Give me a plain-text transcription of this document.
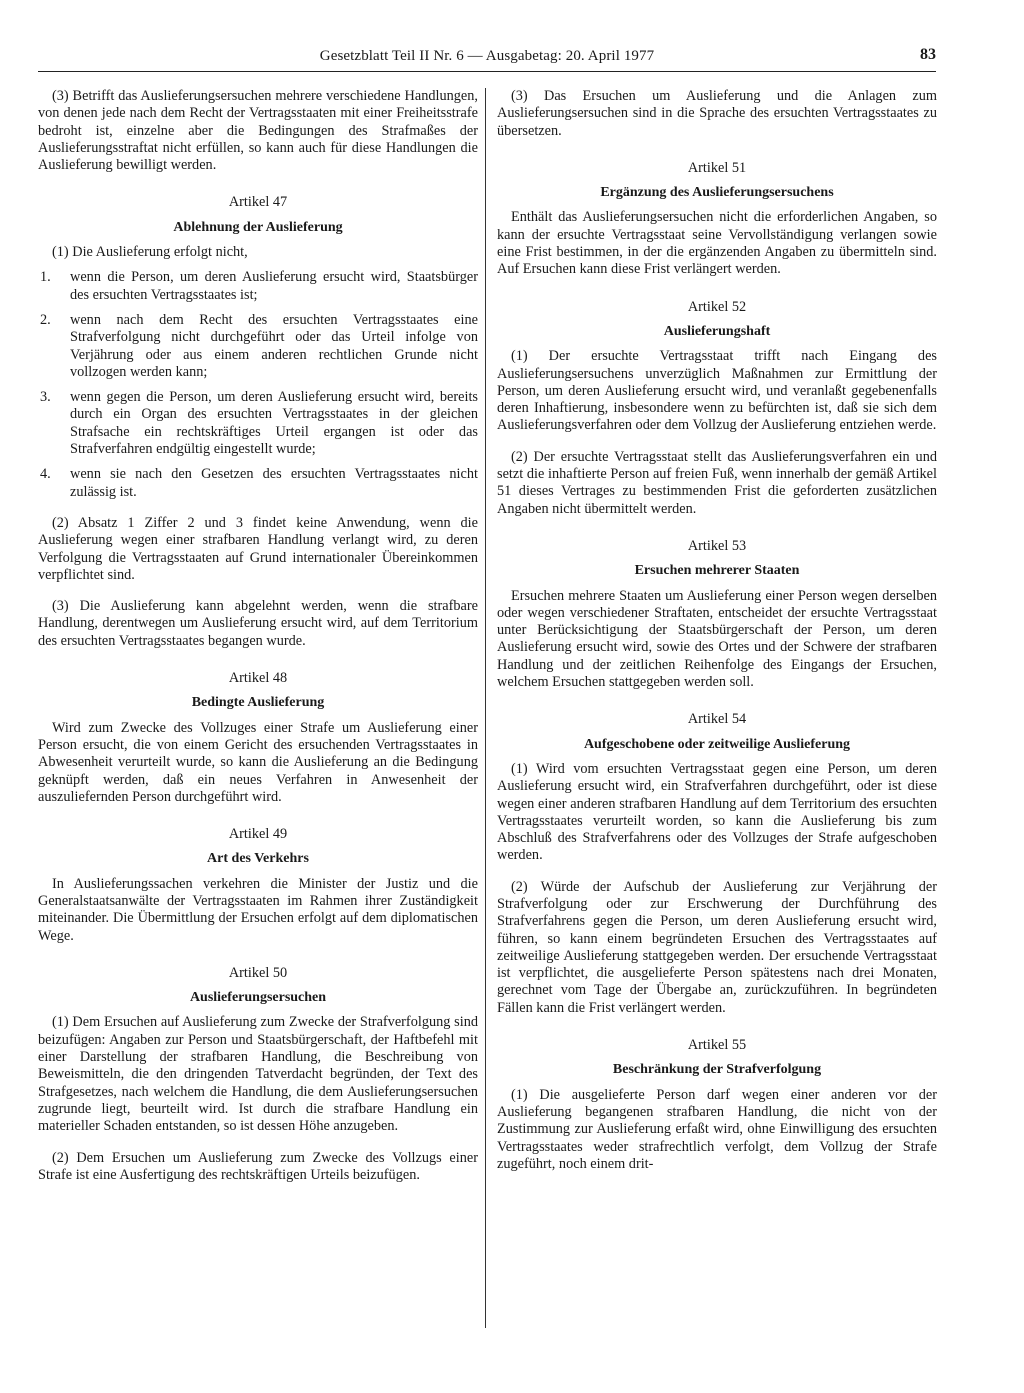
Gesetzblatt Teil II Nr. 6 — Ausgabetag: 20. April 1977	83

(3) Betrifft das Auslieferungsersuchen mehrere verschiedene Handlungen, von denen jede nach dem Recht der Vertragsstaaten mit einer Freiheitsstrafe bedroht ist, einzelne aber die Bedingungen des Strafmaßes der Auslieferungsstraftat nicht erfüllen, so kann auch für diese Handlungen die Auslieferung bewilligt werden.

Artikel 47
Ablehnung der Auslieferung

(1) Die Auslieferung erfolgt nicht,

1.	wenn die Person, um deren Auslieferung ersucht wird, Staatsbürger des ersuchten Vertragsstaates ist;
2.	wenn nach dem Recht des ersuchten Vertragsstaates eine Strafverfolgung nicht durchgeführt oder das Urteil infolge von Verjährung oder aus einem anderen rechtlichen Grunde nicht vollzogen werden kann;
3.	wenn gegen die Person, um deren Auslieferung ersucht wird, bereits durch ein Organ des ersuchten Vertragsstaates in der gleichen Strafsache ein rechtskräftiges Urteil ergangen ist oder das Strafverfahren endgültig eingestellt wurde;
4.	wenn sie nach den Gesetzen des ersuchten Vertragsstaates nicht zulässig ist.

(2) Absatz 1 Ziffer 2 und 3 findet keine Anwendung, wenn die Auslieferung wegen einer strafbaren Handlung verlangt wird, zu deren Verfolgung die Vertragsstaaten auf Grund internationaler Übereinkommen verpflichtet sind.

(3) Die Auslieferung kann abgelehnt werden, wenn die strafbare Handlung, derentwegen um Auslieferung ersucht wird, auf dem Territorium des ersuchten Vertragsstaates begangen wurde.

Artikel 48
Bedingte Auslieferung

Wird zum Zwecke des Vollzuges einer Strafe um Auslieferung einer Person ersucht, die von einem Gericht des ersuchenden Vertragsstaates in Abwesenheit verurteilt wurde, so kann die Auslieferung an die Bedingung geknüpft werden, daß ein neues Verfahren in Anwesenheit der auszuliefernden Person durchgeführt wird.

Artikel 49
Art des Verkehrs

In Auslieferungssachen verkehren die Minister der Justiz und die Generalstaatsanwälte der Vertragsstaaten im Rahmen ihrer Zuständigkeit miteinander. Die Übermittlung der Ersuchen erfolgt auf dem diplomatischen Wege.

Artikel 50
Auslieferungsersuchen

(1) Dem Ersuchen auf Auslieferung zum Zwecke der Strafverfolgung sind beizufügen: Angaben zur Person und Staatsbürgerschaft, der Haftbefehl mit einer Darstellung der strafbaren Handlung, die Beschreibung von Beweismitteln, die den dringenden Tatverdacht begründen, der Text des Strafgesetzes, nach welchem die Handlung, die dem Auslieferungsersuchen zugrunde liegt, beurteilt wird. Ist durch die strafbare Handlung ein materieller Schaden entstanden, so ist dessen Höhe anzugeben.

(2) Dem Ersuchen um Auslieferung zum Zwecke des Vollzugs einer Strafe ist eine Ausfertigung des rechtskräftigen Urteils beizufügen.

(3) Das Ersuchen um Auslieferung und die Anlagen zum Auslieferungsersuchen sind in die Sprache des ersuchten Vertragsstaates zu übersetzen.

Artikel 51
Ergänzung des Auslieferungsersuchens

Enthält das Auslieferungsersuchen nicht die erforderlichen Angaben, so kann der ersuchte Vertragsstaat seine Vervollständigung verlangen sowie eine Frist bestimmen, in der die ergänzenden Angaben zu übermitteln sind. Auf Ersuchen kann diese Frist verlängert werden.

Artikel 52
Auslieferungshaft

(1) Der ersuchte Vertragsstaat trifft nach Eingang des Auslieferungsersuchens unverzüglich Maßnahmen zur Ermittlung der Person, um deren Auslieferung ersucht wird, und veranlaßt gegebenenfalls deren Inhaftierung, insbesondere wenn zu befürchten ist, daß sie sich dem Auslieferungsverfahren oder dem Vollzug der Auslieferung entziehen werde.

(2) Der ersuchte Vertragsstaat stellt das Auslieferungsverfahren ein und setzt die inhaftierte Person auf freien Fuß, wenn innerhalb der gemäß Artikel 51 dieses Vertrages zu bestimmenden Frist die geforderten zusätzlichen Angaben nicht übermittelt werden.

Artikel 53
Ersuchen mehrerer Staaten

Ersuchen mehrere Staaten um Auslieferung einer Person wegen derselben oder wegen verschiedener Straftaten, entscheidet der ersuchte Vertragsstaat unter Berücksichtigung der Staatsbürgerschaft der Person, um deren Auslieferung ersucht wird, sowie des Ortes und der Schwere der strafbaren Handlung und der zeitlichen Reihenfolge des Eingangs der Ersuchen, welchem Ersuchen stattgegeben werden soll.

Artikel 54
Aufgeschobene oder zeitweilige Auslieferung

(1) Wird vom ersuchten Vertragsstaat gegen eine Person, um deren Auslieferung ersucht wird, ein Strafverfahren durchgeführt, oder ist diese wegen einer anderen strafbaren Handlung auf dem Territorium des ersuchten Vertragsstaates verurteilt worden, so kann die Auslieferung bis zum Abschluß des Strafverfahrens oder des Vollzuges der Strafe aufgeschoben werden.

(2) Würde der Aufschub der Auslieferung zur Verjährung der Strafverfolgung oder zur Erschwerung der Durchführung des Strafverfahrens gegen die Person, um deren Auslieferung ersucht wird, führen, so kann einem begründeten Ersuchen des Vertragsstaates auf zeitweilige Auslieferung stattgegeben werden. Der ersuchende Vertragsstaat ist verpflichtet, die ausgelieferte Person spätestens nach drei Monaten, gerechnet vom Tage der Übergabe an, zurückzuführen. In begründeten Fällen kann die Frist verlängert werden.

Artikel 55
Beschränkung der Strafverfolgung

(1) Die ausgelieferte Person darf wegen einer anderen vor der Auslieferung begangenen strafbaren Handlung, die nicht von der Zustimmung zur Auslieferung erfaßt wird, ohne Einwilligung des ersuchten Vertragsstaates weder strafrechtlich verfolgt, dem Vollzug der Strafe zugeführt, noch einem drit-
